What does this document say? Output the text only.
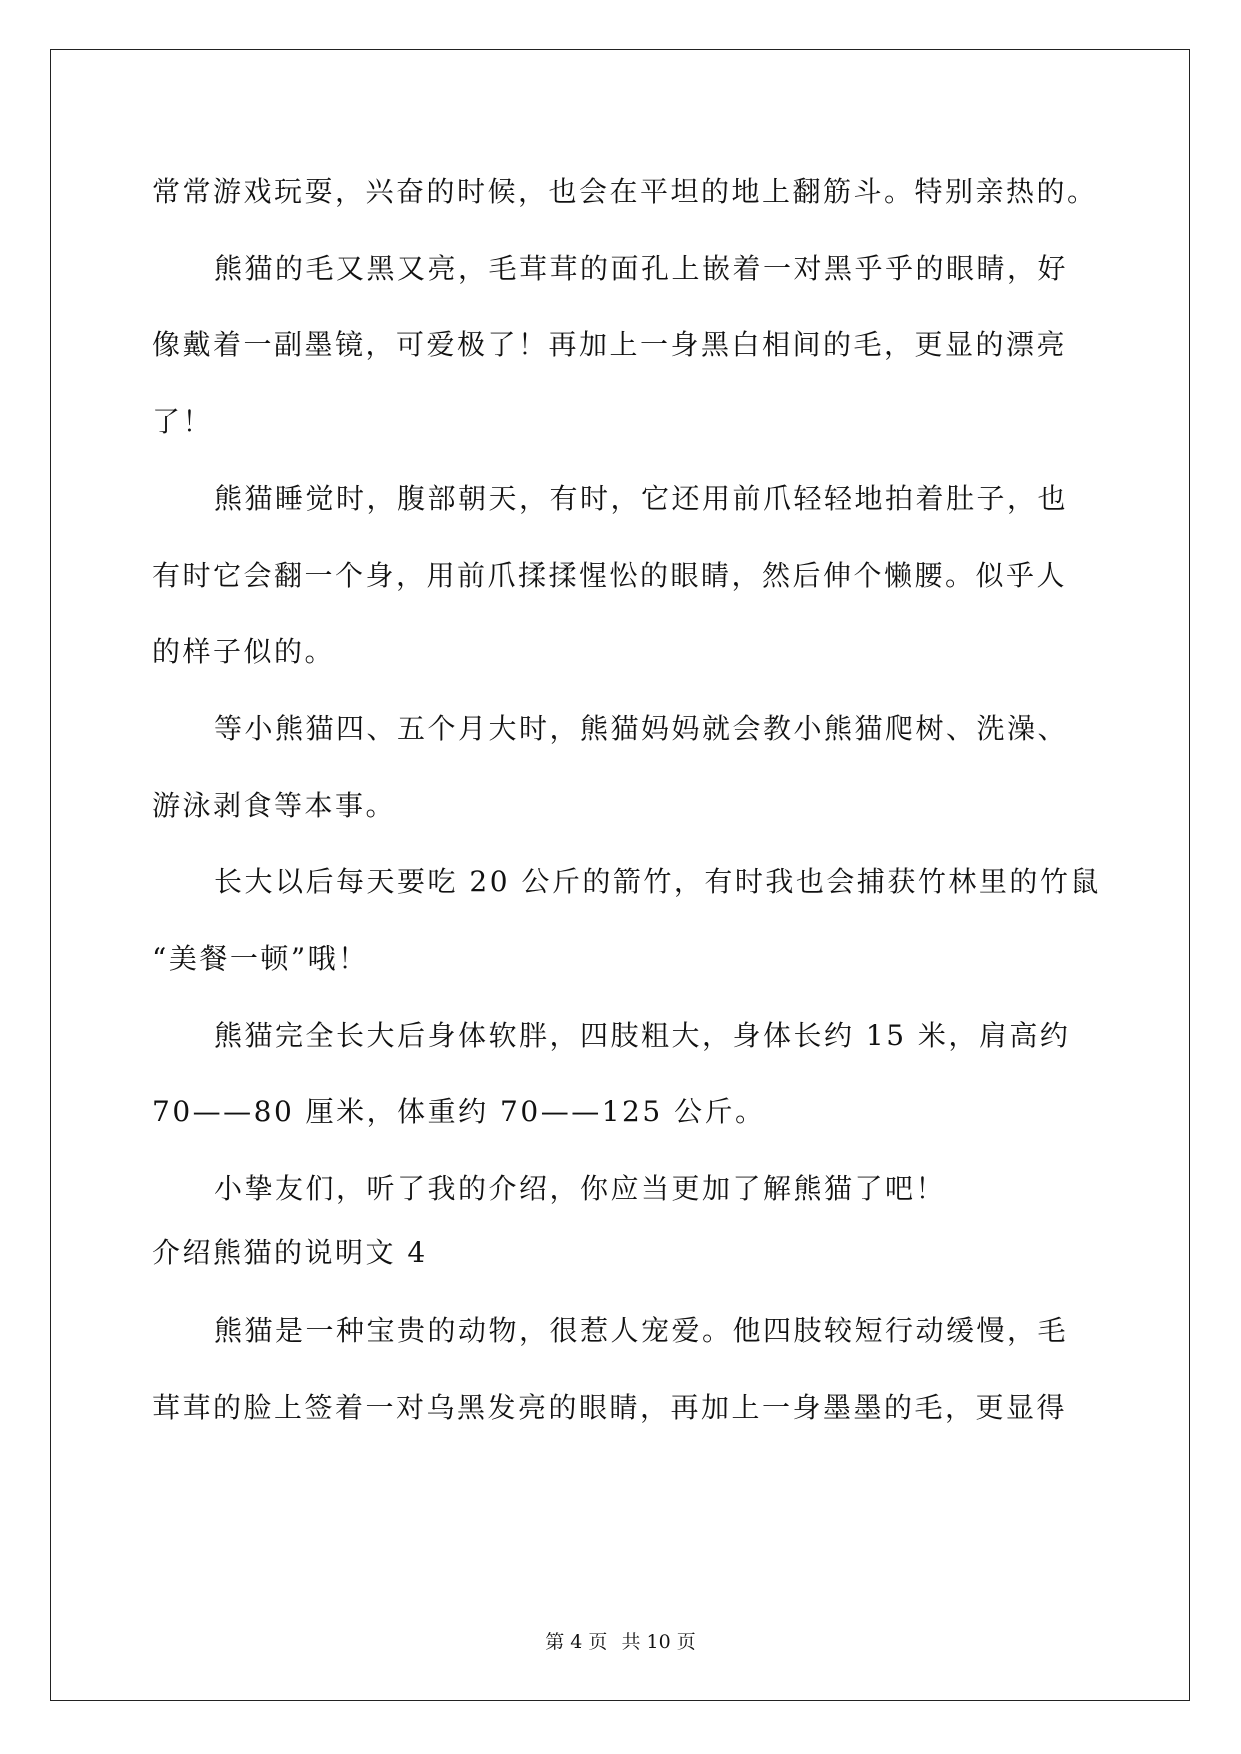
常常游戏玩耍，兴奋的时候，也会在平坦的地上翻筋斗。特别亲热的。
熊猫的毛又黑又亮，毛茸茸的面孔上嵌着一对黑乎乎的眼睛，好
像戴着一副墨镜，可爱极了！再加上一身黑白相间的毛，更显的漂亮
了！
熊猫睡觉时，腹部朝天，有时，它还用前爪轻轻地拍着肚子，也
有时它会翻一个身，用前爪揉揉惺忪的眼睛，然后伸个懒腰。似乎人
的样子似的。
等小熊猫四、五个月大时，熊猫妈妈就会教小熊猫爬树、洗澡、
游泳剥食等本事。
长大以后每天要吃 20 公斤的箭竹，有时我也会捕获竹林里的竹鼠
“美餐一顿”哦！
熊猫完全长大后身体软胖，四肢粗大，身体长约 15 米，肩高约
70——80 厘米，体重约 70——125 公斤。
小挚友们，听了我的介绍，你应当更加了解熊猫了吧！
介绍熊猫的说明文 4
熊猫是一种宝贵的动物，很惹人宠爱。他四肢较短行动缓慢，毛
茸茸的脸上签着一对乌黑发亮的眼睛，再加上一身墨墨的毛，更显得
第 4 页 共 10 页
